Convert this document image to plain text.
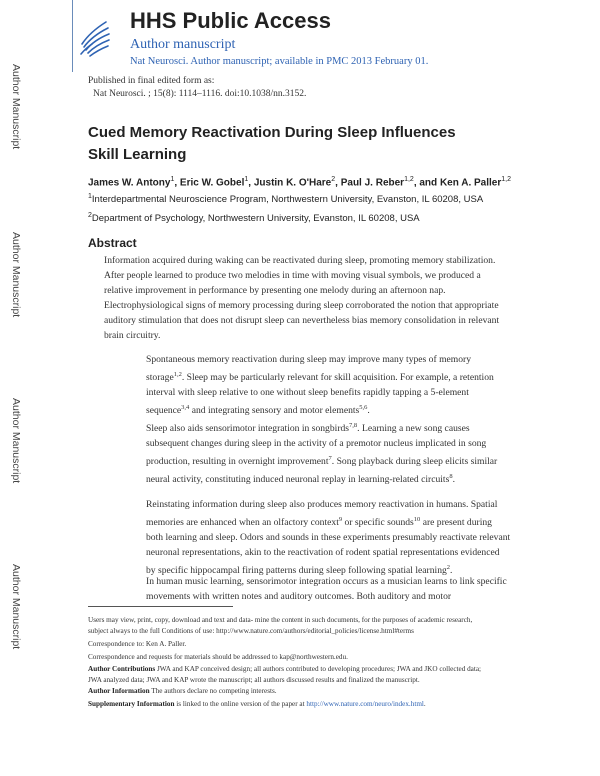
Author Manuscript
Author Manuscript
Author Manuscript
Author Manuscript
HHS Public Access
Author manuscript
Nat Neurosci. Author manuscript; available in PMC 2013 February 01.
Published in final edited form as:
Nat Neurosci. ; 15(8): 1114–1116. doi:10.1038/nn.3152.
Cued Memory Reactivation During Sleep Influences Skill Learning
James W. Antony$^1$, Eric W. Gobel$^1$, Justin K. O'Hare$^2$, Paul J. Reber$^{1,2}$, and Ken A. Paller$^{1,2}$
$^1$Interdepartmental Neuroscience Program, Northwestern University, Evanston, IL 60208, USA
$^2$Department of Psychology, Northwestern University, Evanston, IL 60208, USA
Abstract
Information acquired during waking can be reactivated during sleep, promoting memory stabilization. After people learned to produce two melodies in time with moving visual symbols, we produced a relative improvement in performance by presenting one melody during an afternoon nap. Electrophysiological signs of memory processing during sleep corroborated the notion that appropriate auditory stimulation that does not disrupt sleep can nevertheless bias memory consolidation in relevant brain circuitry.
Spontaneous memory reactivation during sleep may improve many types of memory storage$^{1,2}$. Sleep may be particularly relevant for skill acquisition. For example, a retention interval with sleep relative to one without sleep benefits rapidly tapping a 5-element sequence$^{3,4}$ and integrating sensory and motor elements$^{5,6}$.
Sleep also aids sensorimotor integration in songbirds$^{7,8}$. Learning a new song causes subsequent changes during sleep in the activity of a premotor nucleus implicated in song production, resulting in overnight improvement$^7$. Song playback during sleep elicits similar neural activity, constituting induced neuronal replay in learning-related circuits$^8$.
Reinstating information during sleep also produces memory reactivation in humans. Spatial memories are enhanced when an olfactory context$^9$ or specific sounds$^{10}$ are present during both learning and sleep. Odors and sounds in these experiments presumably reactivate relevant neuronal representations, akin to the reactivation of rodent spatial representations evidenced by specific hippocampal firing patterns during sleep following spatial learning$^2$.
In human music learning, sensorimotor integration occurs as a musician learns to link specific movements with written notes and auditory outcomes. Both auditory and motor
Users may view, print, copy, download and text and data- mine the content in such documents, for the purposes of academic research, subject always to the full Conditions of use: http://www.nature.com/authors/editorial_policies/license.html#terms
Correspondence to: Ken A. Paller.
Correspondence and requests for materials should be addressed to kap@northwestern.edu.
Author Contributions JWA and KAP conceived design; all authors contributed to developing procedures; JWA and JKO collected data; JWA analyzed data; JWA and KAP wrote the manuscript; all authors discussed results and finalized the manuscript.
Author Information The authors declare no competing interests.
Supplementary Information is linked to the online version of the paper at http://www.nature.com/neuro/index.html.
